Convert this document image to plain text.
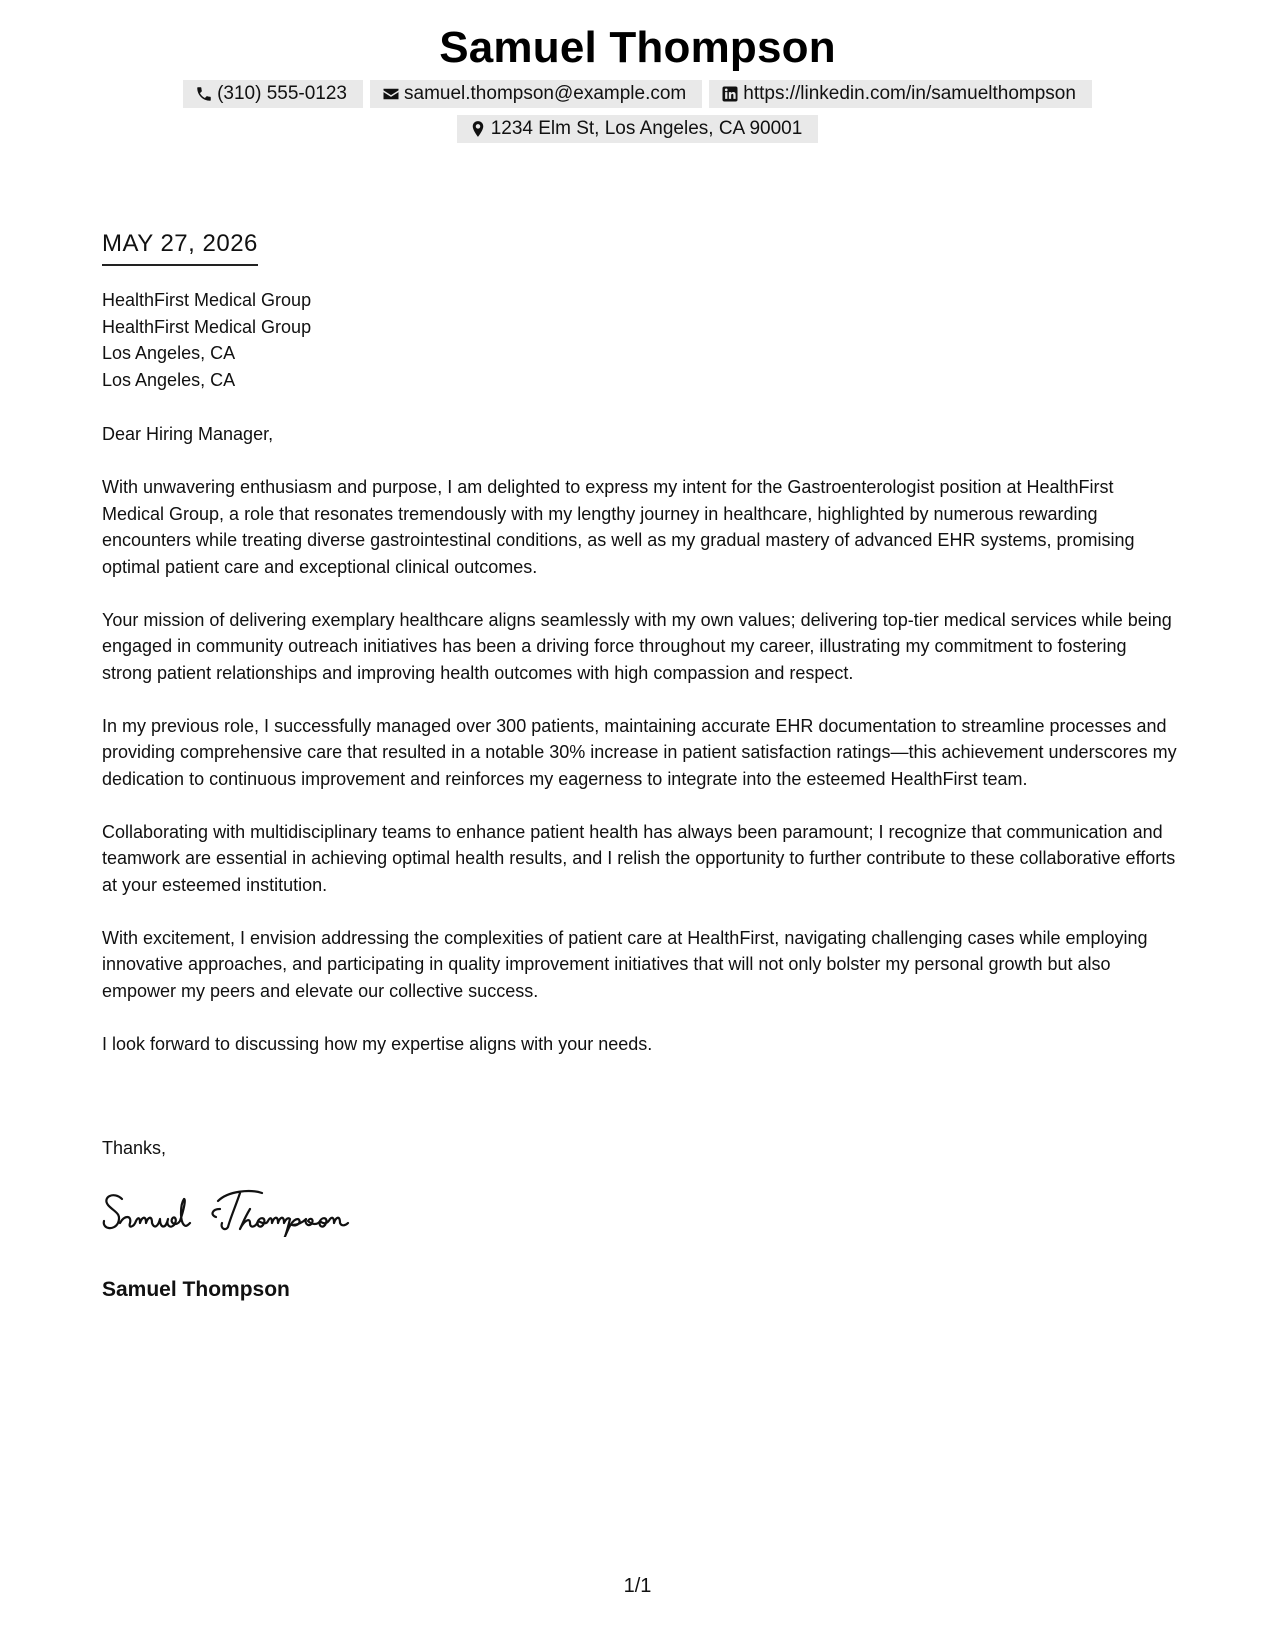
Samuel Thompson
(310) 555-0123	samuel.thompson@example.com	https://linkedin.com/in/samuelthompson
1234 Elm St, Los Angeles, CA 90001
MAY 27, 2026
HealthFirst Medical Group
HealthFirst Medical Group
Los Angeles, CA
Los Angeles, CA
Dear Hiring Manager,

With unwavering enthusiasm and purpose, I am delighted to express my intent for the Gastroenterologist position at HealthFirst Medical Group, a role that resonates tremendously with my lengthy journey in healthcare, highlighted by numerous rewarding encounters while treating diverse gastrointestinal conditions, as well as my gradual mastery of advanced EHR systems, promising optimal patient care and exceptional clinical outcomes.

Your mission of delivering exemplary healthcare aligns seamlessly with my own values; delivering top-tier medical services while being engaged in community outreach initiatives has been a driving force throughout my career, illustrating my commitment to fostering strong patient relationships and improving health outcomes with high compassion and respect.

In my previous role, I successfully managed over 300 patients, maintaining accurate EHR documentation to streamline processes and providing comprehensive care that resulted in a notable 30% increase in patient satisfaction ratings—this achievement underscores my dedication to continuous improvement and reinforces my eagerness to integrate into the esteemed HealthFirst team.

Collaborating with multidisciplinary teams to enhance patient health has always been paramount; I recognize that communication and teamwork are essential in achieving optimal health results, and I relish the opportunity to further contribute to these collaborative efforts at your esteemed institution.

With excitement, I envision addressing the complexities of patient care at HealthFirst, navigating challenging cases while employing innovative approaches, and participating in quality improvement initiatives that will not only bolster my personal growth but also empower my peers and elevate our collective success.

I look forward to discussing how my expertise aligns with your needs.

Thanks,
Samuel Thompson
1/1
